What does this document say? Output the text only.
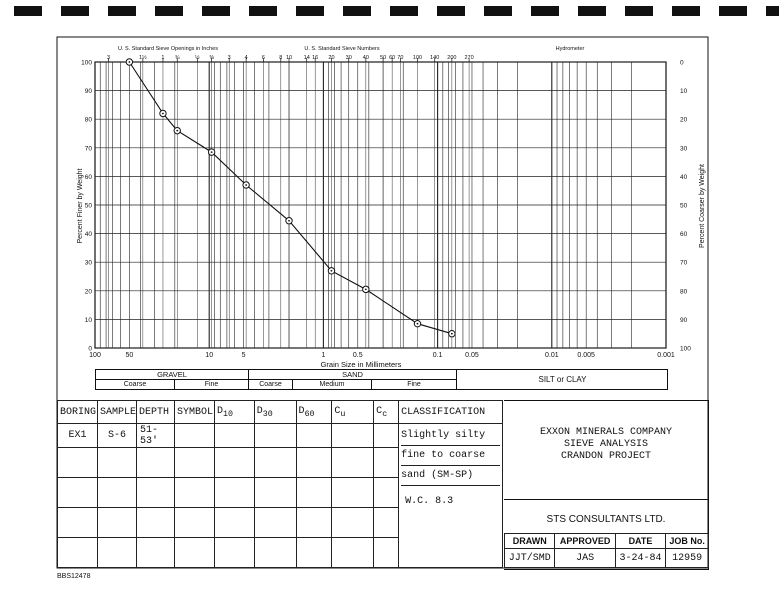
U. S. Standard Sieve Openings in Inches	U. S. Standard Sieve Numbers	Hydrometer
3	1½	1 ¾	½ ⅜	3	4	6	8 10 14 16 20 30 40 50 60 70 100 140 200 270
0
10
20
30
40
50
60
70
80
90
100
100
90
80
70
60
50
40
30
20
10
0
100	50	10	5	1	0.5	0.1	0.05	0.01	0.005	0.001
Grain Size in Millimeters
Percent Finer by Weight	Percent Coarser by Weight
GRAVEL	SAND
Coarse	Fine	Coarse	Medium	Fine
SILT or CLAY
BORING	SAMPLE	DEPTH	SYMBOL	$D_{10}$	$D_{30}$	$D_{60}$	$C_u$	$C_c$	CLASSIFICATION
EX1	S-6	51-53'							Slightly silty
fine to coarse
sand (SM-SP)
W.C. 8.3

EXXON MINERALS COMPANY
SIEVE ANALYSIS
CRANDON PROJECT
STS CONSULTANTS LTD.
DRAWN	APPROVED	DATE	JOB No.
JJT/SMD	JAS	3-24-84	12959
BBS12478
